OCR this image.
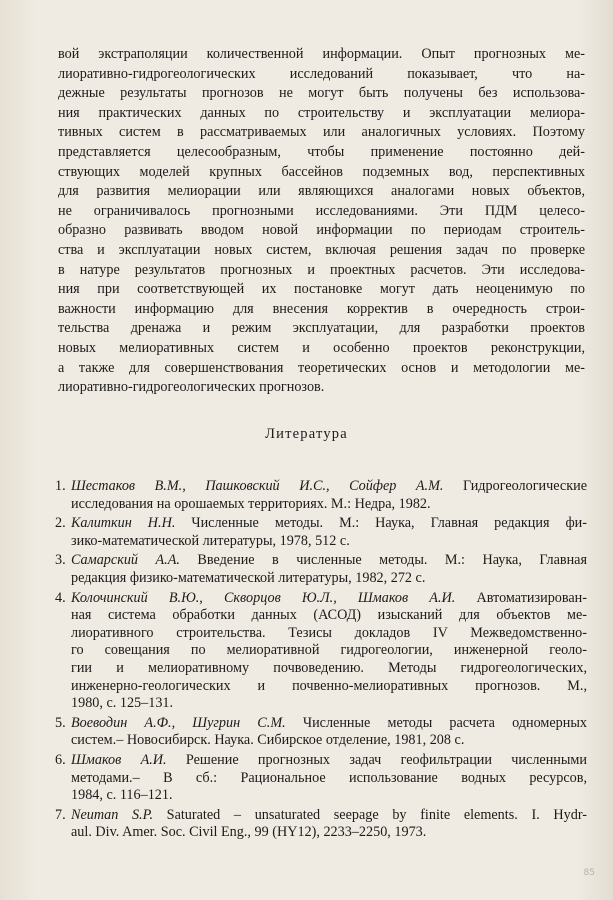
вой экстраполяции количественной информации. Опыт прогнозных ме-
лиоративно-гидрогеологических исследований показывает, что на-
дежные результаты прогнозов не могут быть получены без использова-
ния практических данных по строительству и эксплуатации мелиора-
тивных систем в рассматриваемых или аналогичных условиях. Поэтому
представляется целесообразным, чтобы применение постоянно дей-
ствующих моделей крупных бассейнов подземных вод, перспективных
для развития мелиорации или являющихся аналогами новых объектов,
не ограничивалось прогнозными исследованиями. Эти ПДМ целесо-
образно развивать вводом новой информации по периодам строитель-
ства и эксплуатации новых систем, включая решения задач по проверке
в натуре результатов прогнозных и проектных расчетов. Эти исследова-
ния при соответствующей их постановке могут дать неоценимую по
важности информацию для внесения корректив в очередность строи-
тельства дренажа и режим эксплуатации, для разработки проектов
новых мелиоративных систем и особенно проектов реконструкции,
а также для совершенствования теоретических основ и методологии ме-
лиоративно-гидрогеологических прогнозов.
Литература
1. Шестаков В.М., Пашковский И.С., Сойфер А.М. Гидрогеологические
исследования на орошаемых территориях. М.: Недра, 1982.
2. Калиткин Н.Н. Численные методы. М.: Наука, Главная редакция фи-
зико-математической литературы, 1978, 512 с.
3. Самарский А.А. Введение в численные методы. М.: Наука, Главная
редакция физико-математической литературы, 1982, 272 с.
4. Колочинский В.Ю., Скворцов Ю.Л., Шмаков А.И. Автоматизирован-
ная система обработки данных (АСОД) изысканий для объектов ме-
лиоративного строительства. Тезисы докладов IV Межведомственно-
го совещания по мелиоративной гидрогеологии, инженерной геоло-
гии и мелиоративному почвоведению. Методы гидрогеологических,
инженерно-геологических и почвенно-мелиоративных прогнозов. М.,
1980, с. 125–131.
5. Воеводин А.Ф., Шугрин С.М. Численные методы расчета одномерных
систем.– Новосибирск. Наука. Сибирское отделение, 1981, 208 с.
6. Шмаков А.И. Решение прогнозных задач геофильтрации численными
методами.– В сб.: Рациональное использование водных ресурсов,
1984, с. 116–121.
7. Neuman S.P. Saturated – unsaturated seepage by finite elements. I. Hydr-
aul. Div. Amer. Soc. Civil Eng., 99 (HY12), 2233–2250, 1973.
85
